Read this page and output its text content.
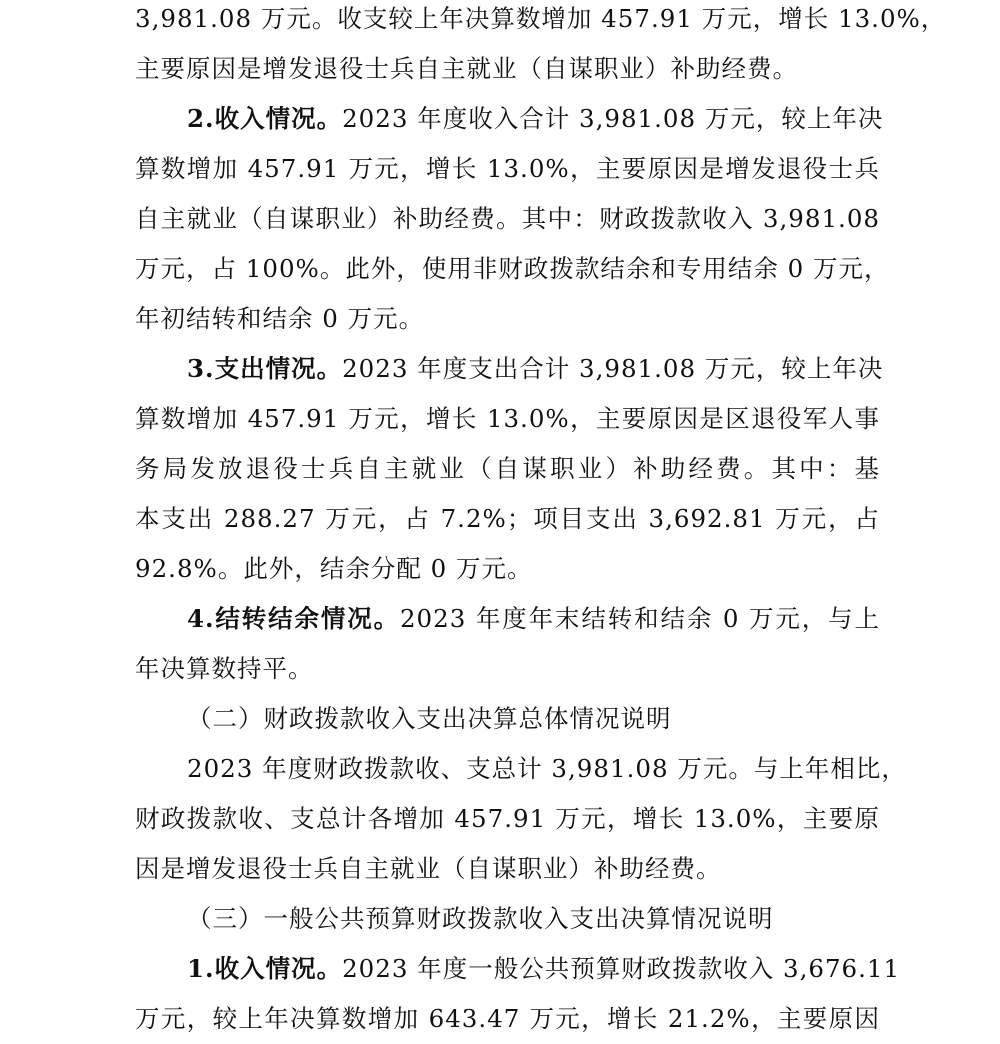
3,981.08 万元。收支较上年决算数增加 457.91 万元，增长 13.0%，
主要原因是增发退役士兵自主就业（自谋职业）补助经费。
2.收入情况。2023 年度收入合计 3,981.08 万元，较上年决
算数增加 457.91 万元，增长 13.0%，主要原因是增发退役士兵
自主就业（自谋职业）补助经费。其中：财政拨款收入 3,981.08
万元，占 100%。此外，使用非财政拨款结余和专用结余 0 万元，
年初结转和结余 0 万元。
3.支出情况。2023 年度支出合计 3,981.08 万元，较上年决
算数增加 457.91 万元，增长 13.0%，主要原因是区退役军人事
务局发放退役士兵自主就业（自谋职业）补助经费。其中：基
本支出 288.27 万元，占 7.2%；项目支出 3,692.81 万元，占
92.8%。此外，结余分配 0 万元。
4.结转结余情况。2023 年度年末结转和结余 0 万元，与上
年决算数持平。
（二）财政拨款收入支出决算总体情况说明
2023 年度财政拨款收、支总计 3,981.08 万元。与上年相比，
财政拨款收、支总计各增加 457.91 万元，增长 13.0%，主要原
因是增发退役士兵自主就业（自谋职业）补助经费。
（三）一般公共预算财政拨款收入支出决算情况说明
1.收入情况。2023 年度一般公共预算财政拨款收入 3,676.11
万元，较上年决算数增加 643.47 万元，增长 21.2%，主要原因
